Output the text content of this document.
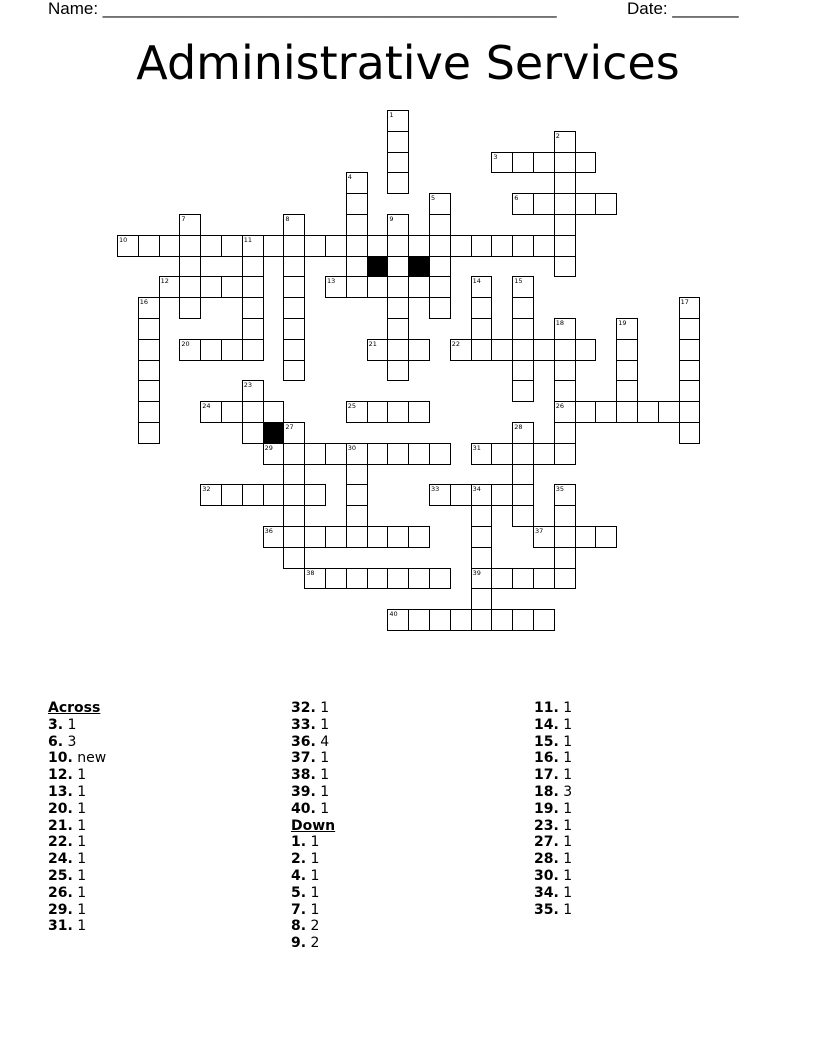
Name: ________________________________________________	Date: _______
Administrative Services
3
6
10	11
12	13
20	21	22
24	25	26
29	30	31
32	33	34
36	37
38	39
40
1
2
4
5
7	8	9
14	15
16	17
18	19
23
27	28
35
Across
3. 1
6. 3
10. new
12. 1
13. 1
20. 1
21. 1
22. 1
24. 1
25. 1
26. 1
29. 1
31. 1
32. 1
33. 1
36. 4
37. 1
38. 1
39. 1
40. 1
Down
1. 1
2. 1
4. 1
5. 1
7. 1
8. 2
9. 2
11. 1
14. 1
15. 1
16. 1
17. 1
18. 3
19. 1
23. 1
27. 1
28. 1
30. 1
34. 1
35. 1
